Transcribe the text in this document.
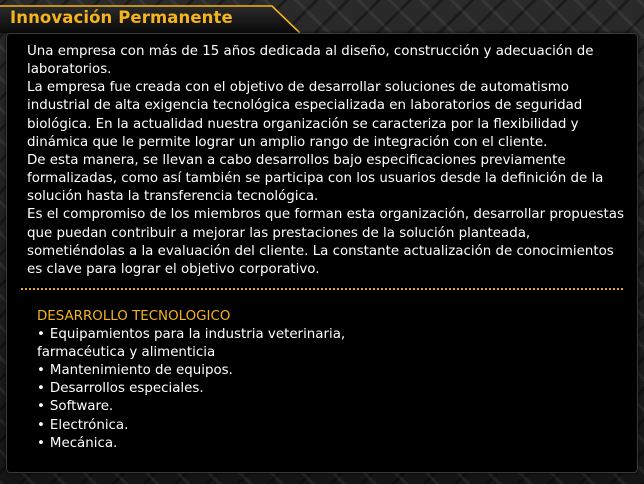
Innovación Permanente

Una empresa con más de 15 años dedicada al diseño, construcción y adecuación de laboratorios.

La empresa fue creada con el objetivo de desarrollar soluciones de automatismo industrial de alta exigencia tecnológica especializada en laboratorios de seguridad biológica. En la actualidad nuestra organización se caracteriza por la flexibilidad y dinámica que le permite lograr un amplio rango de integración con el cliente.

De esta manera, se llevan a cabo desarrollos bajo especificaciones previamente formalizadas, como así también se participa con los usuarios desde la definición de la solución hasta la transferencia tecnológica.

Es el compromiso de los miembros que forman esta organización, desarrollar propuestas que puedan contribuir a mejorar las prestaciones de la solución planteada, sometiéndolas a la evaluación del cliente. La constante actualización de conocimientos es clave para lograr el objetivo corporativo.

DESARROLLO TECNOLOGICO

• Equipamientos para la industria veterinaria,
farmacéutica y alimenticia
• Mantenimiento de equipos.
• Desarrollos especiales.
• Software.
• Electrónica.
• Mecánica.
